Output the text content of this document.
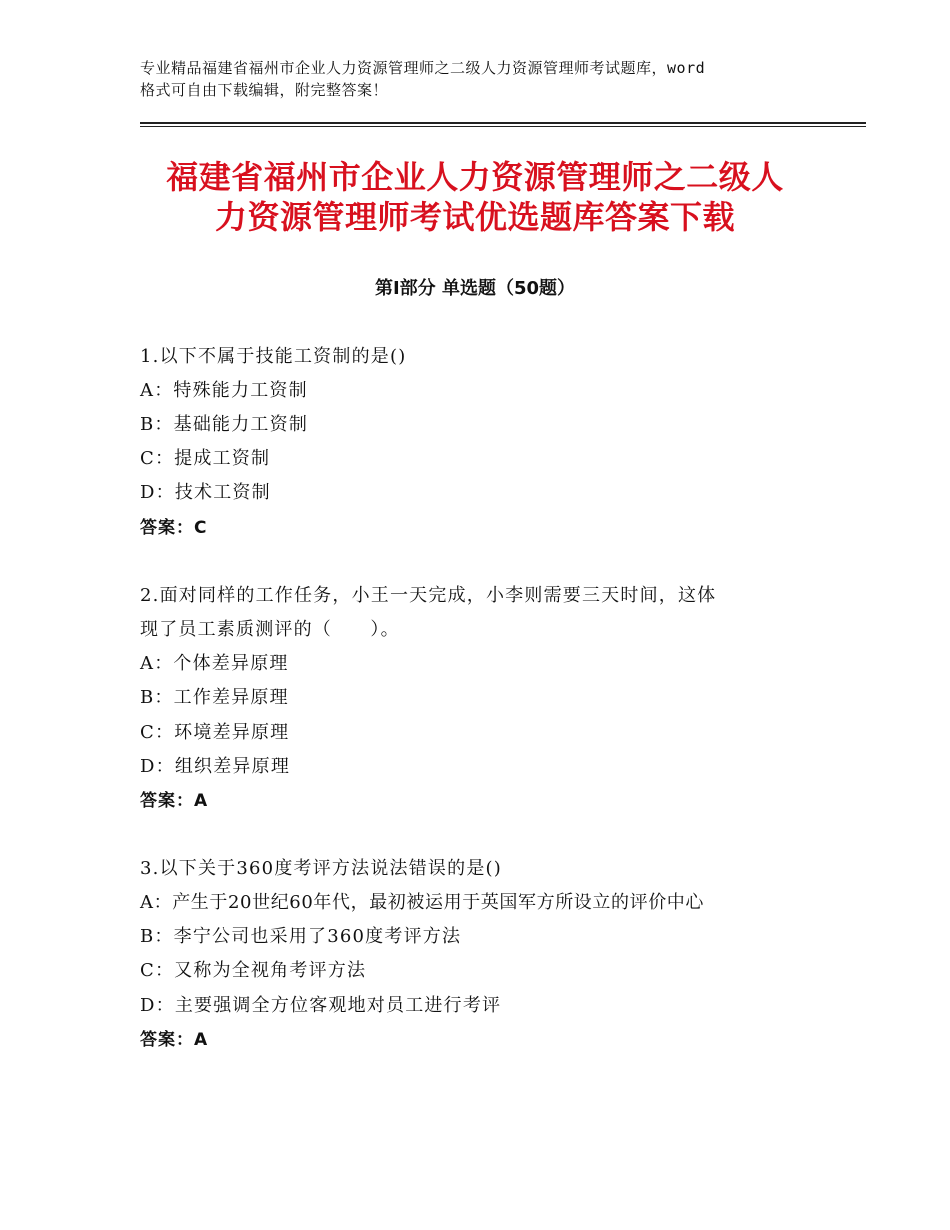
专业精品福建省福州市企业人力资源管理师之二级人力资源管理师考试题库，word
格式可自由下载编辑，附完整答案！
福建省福州市企业人力资源管理师之二级人
力资源管理师考试优选题库答案下载
第Ⅰ部分 单选题（50题）
1.以下不属于技能工资制的是()
A：特殊能力工资制
B：基础能力工资制
C：提成工资制
D：技术工资制
答案：C
2.面对同样的工作任务，小王一天完成，小李则需要三天时间，这体
现了员工素质测评的（　　）。
A：个体差异原理
B：工作差异原理
C：环境差异原理
D：组织差异原理
答案：A
3.以下关于360度考评方法说法错误的是()
A：产生于20世纪60年代，最初被运用于英国军方所设立的评价中心
B：李宁公司也采用了360度考评方法
C：又称为全视角考评方法
D：主要强调全方位客观地对员工进行考评
答案：A
